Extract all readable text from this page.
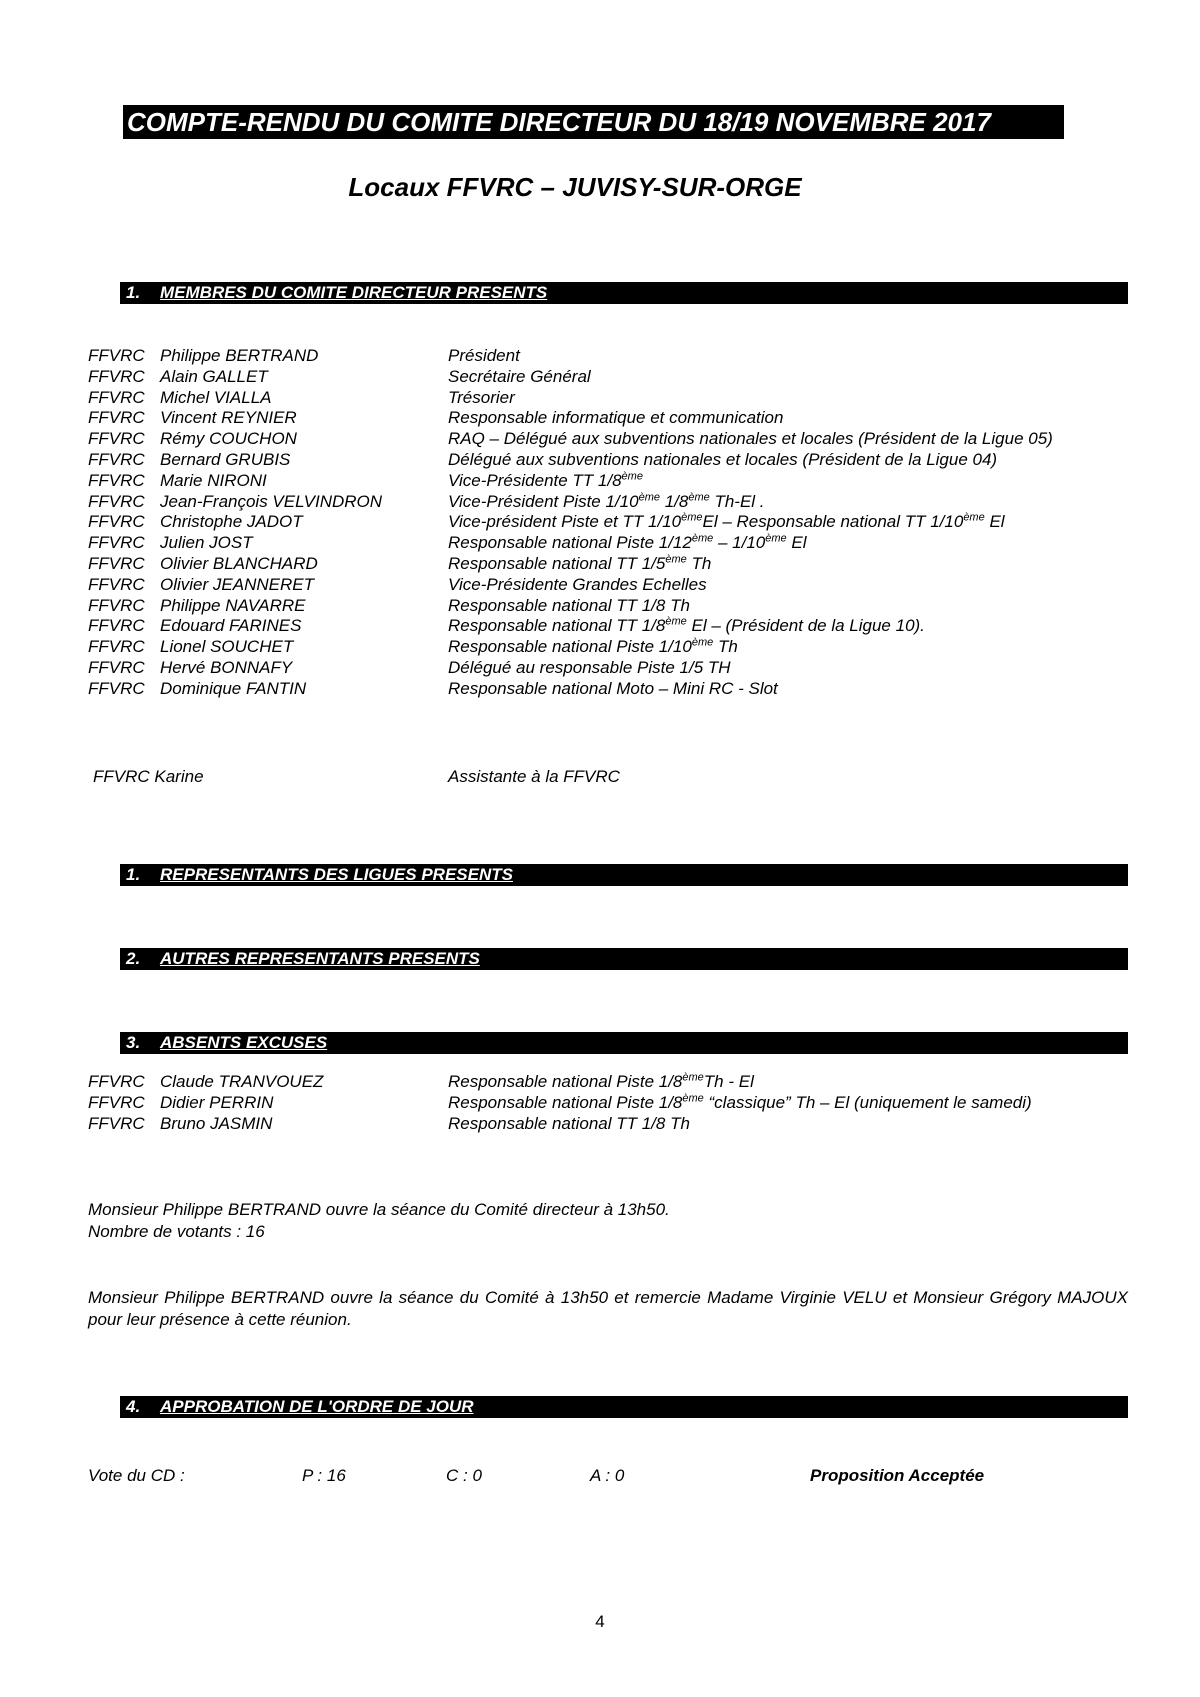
COMPTE-RENDU DU COMITE DIRECTEUR DU 18/19 NOVEMBRE 2017
Locaux FFVRC – JUVISY-SUR-ORGE
1. MEMBRES DU COMITE DIRECTEUR PRESENTS
FFVRC Philippe BERTRAND	Président
FFVRC Alain GALLET	Secrétaire Général
FFVRC Michel VIALLA	Trésorier
FFVRC Vincent REYNIER	Responsable informatique et communication
FFVRC Rémy COUCHON	RAQ – Délégué aux subventions nationales et locales (Président de la Ligue 05)
FFVRC Bernard GRUBIS	Délégué aux subventions nationales et locales (Président de la Ligue 04)
FFVRC Marie NIRONI	Vice-Présidente TT 1/8ème
FFVRC Jean-François VELVINDRON	Vice-Président Piste 1/10ème 1/8ème Th-El .
FFVRC Christophe JADOT	Vice-président Piste et TT 1/10èmeEl – Responsable national TT 1/10ème El
FFVRC Julien JOST	Responsable national Piste 1/12ème – 1/10ème El
FFVRC Olivier BLANCHARD	Responsable national TT 1/5ème Th
FFVRC Olivier JEANNERET	Vice-Présidente Grandes Echelles
FFVRC Philippe NAVARRE	Responsable national TT 1/8 Th
FFVRC Edouard FARINES	Responsable national TT 1/8ème El – (Président de la Ligue 10).
FFVRC Lionel SOUCHET	Responsable national Piste 1/10ème Th
FFVRC Hervé BONNAFY	Délégué au responsable Piste 1/5 TH
FFVRC Dominique FANTIN	Responsable national Moto – Mini RC - Slot
FFVRC Karine	Assistante à la FFVRC
1. REPRESENTANTS DES LIGUES PRESENTS
2. AUTRES REPRESENTANTS PRESENTS
3. ABSENTS EXCUSES
FFVRC Claude TRANVOUEZ	Responsable national Piste 1/8èmeTh - El
FFVRC Didier PERRIN	Responsable national Piste 1/8ème “classique” Th – El (uniquement le samedi)
FFVRC Bruno JASMIN	Responsable national TT 1/8 Th
Monsieur Philippe BERTRAND ouvre la séance du Comité directeur à 13h50.
Nombre de votants : 16
Monsieur Philippe BERTRAND ouvre la séance du Comité à 13h50 et remercie Madame Virginie VELU et Monsieur Grégory MAJOUX pour leur présence à cette réunion.
4. APPROBATION DE L'ORDRE DE JOUR
Vote du CD :	P : 16	C : 0	A : 0	Proposition Acceptée
4
